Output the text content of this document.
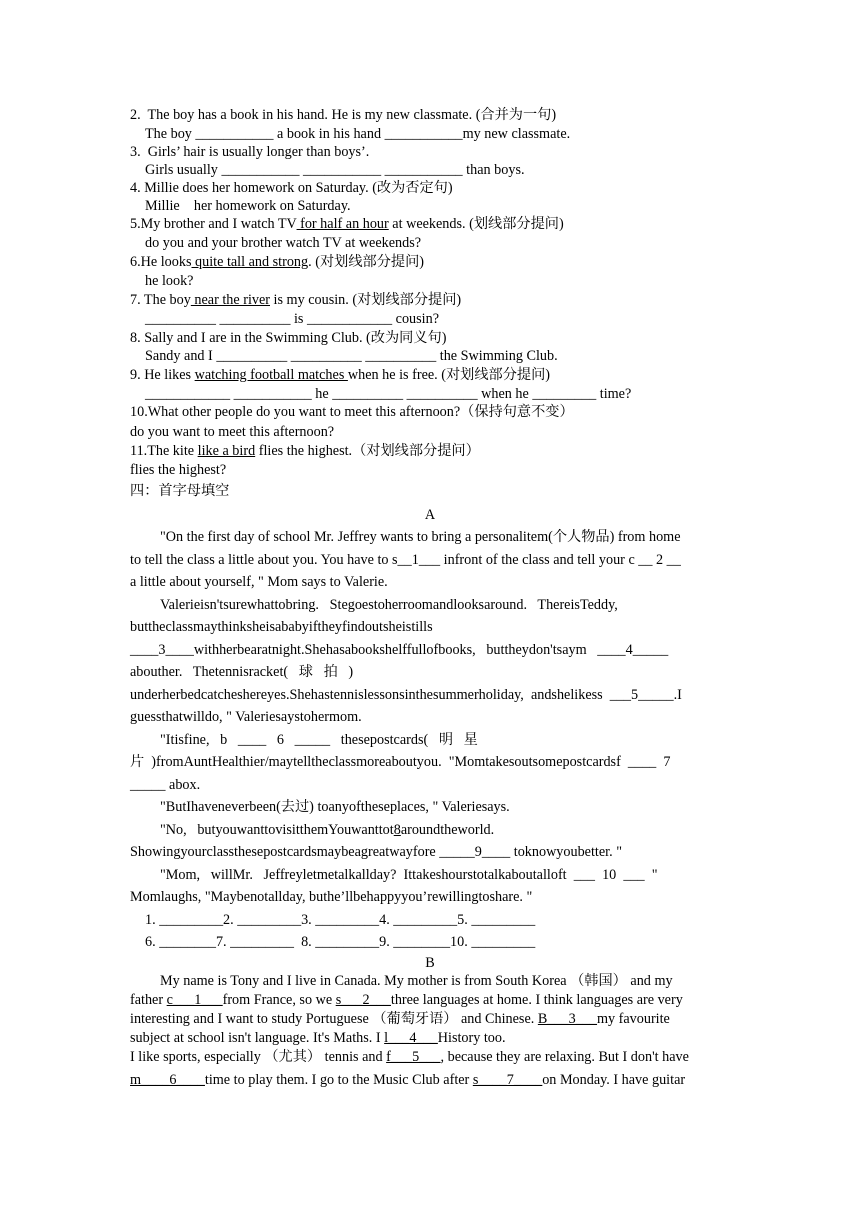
2.  The boy has a book in his hand. He is my new classmate. (合并为一句)
The boy ___________ a book in his hand ___________my new classmate.
3.  Girls’ hair is usually longer than boys’.
Girls usually ___________ ___________ ___________ than boys.
4. Millie does her homework on Saturday. (改为否定句)
Millie    her homework on Saturday.
5.My brother and I watch TV for half an hour at weekends. (划线部分提问)
do you and your brother watch TV at weekends?
6.He looks quite tall and strong. (对划线部分提问)
he look?
7. The boy near the river is my cousin. (对划线部分提问)
__________ __________ is ____________ cousin?
8. Sally and I are in the Swimming Club. (改为同义句)
Sandy and I __________ __________ __________ the Swimming Club.
9. He likes watching football matches when he is free. (对划线部分提问)
____________ ___________ he __________ __________ when he _________ time?
10.What other people do you want to meet this afternoon?（保持句意不变）
do you want to meet this afternoon?
11.The kite like a bird flies the highest.（对划线部分提问）
flies the highest?
四：首字母填空
A
"On the first day of school Mr. Jeffrey wants to bring a personalitem(个人物品) from home
to tell the class a little about you. You have to s__1___ infront of the class and tell your c __ 2 __
a little about yourself, " Mom says to Valerie.
Valerieisn'tsurewhattobring.   Stegoestoherroomandlooksaround.   ThereisTeddy,
buttheclassmaythinksheisababyiftheyfindoutsheistills
____3____withherbearatnight.Shehasabookshelffullofbooks,   buttheydon'tsaym   ____4_____
abouther.   Thetennisracket(   球   拍   )
underherbedcatcheshereyes.Shehastennislessonsinthesummerholiday,  andshelikess  ___5_____.I
guessthatwilldo, " Valeriesaystohermom.
"Itisfine,   b   ____   6   _____   thesepostcards(   明   星
片  )fromAuntHealthier/maytelltheclassmoreaboutyou.  "Momtakesoutsomepostcardsf  ____  7
_____ abox.
"ButIhaveneverbeen(去过) toanyoftheseplaces, " Valeriesays.
"No,   butyouwanttovisitthemYouwanttot8aroundtheworld.
Showingyourclassthesepostcardsmaybeagreatwayfore _____9____ toknowyoubetter. "
"Mom,   willMr.   Jeffreyletmetalkallday?  Ittakeshourstotalkaboutalloft  ___  10  ___  "
Momlaughs, "Maybenotallday, buthe’llbehappyyou’rewillingtoshare. "
1. _________2. _________3. _________4. _________5. _________
6. ________7. _________  8. _________9. ________10. _________
B
My name is Tony and I live in Canada. My mother is from South Korea （韩国） and my
father c___1___from France, so we s___2___three languages at home. I think languages are very
interesting and I want to study Portuguese （葡萄牙语） and Chinese. B___3___my favourite
subject at school isn't language. It's Maths. I l___4___History too.
I like sports, especially （尤其） tennis and f___5___, because they are relaxing. But I don't have
m____6____time to play them. I go to the Music Club after s____7____on Monday. I have guitar
